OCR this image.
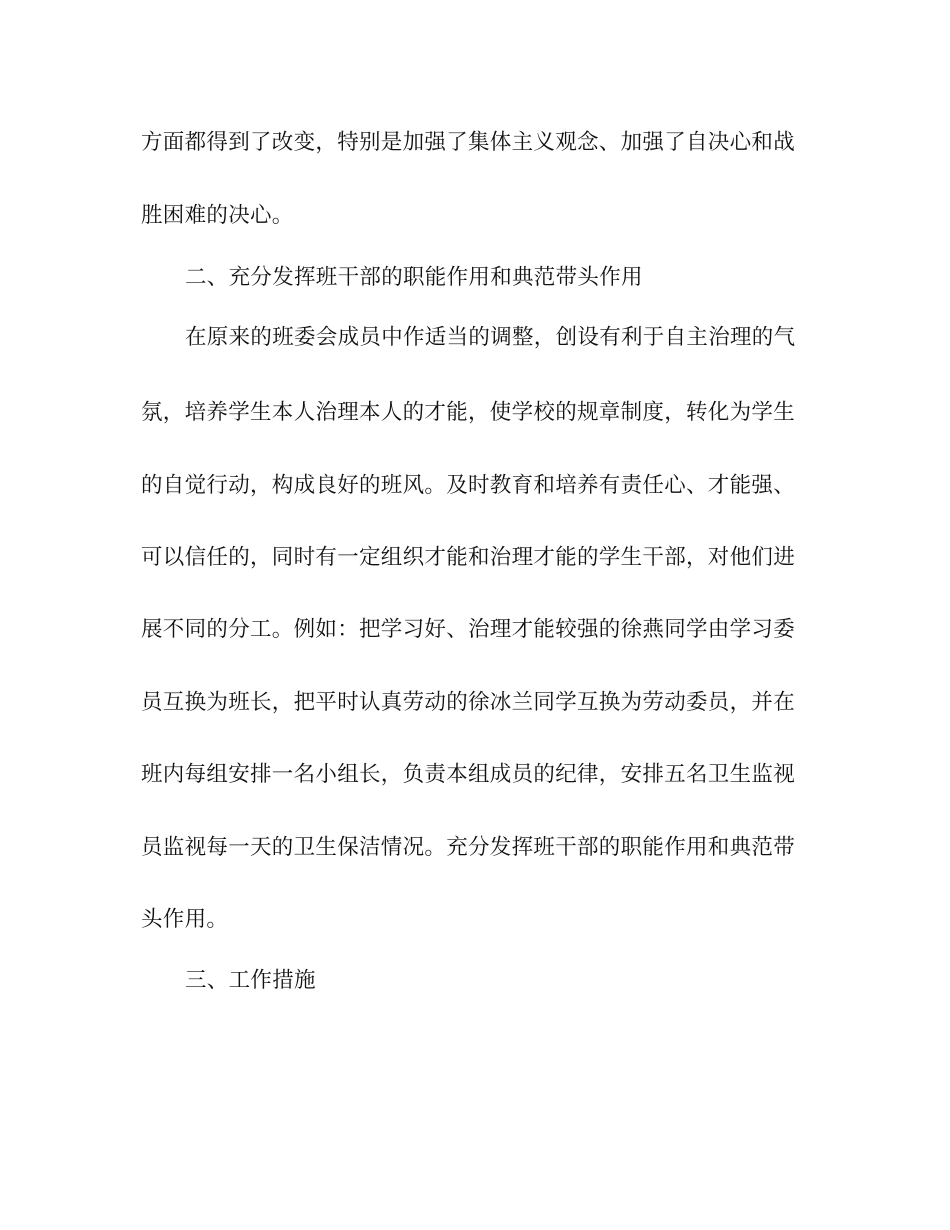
方面都得到了改变，特别是加强了集体主义观念、加强了自决心和战
胜困难的决心。
二、充分发挥班干部的职能作用和典范带头作用
在原来的班委会成员中作适当的调整，创设有利于自主治理的气
氛，培养学生本人治理本人的才能，使学校的规章制度，转化为学生
的自觉行动，构成良好的班风。及时教育和培养有责任心、才能强、
可以信任的，同时有一定组织才能和治理才能的学生干部，对他们进
展不同的分工。例如：把学习好、治理才能较强的徐燕同学由学习委
员互换为班长，把平时认真劳动的徐冰兰同学互换为劳动委员，并在
班内每组安排一名小组长，负责本组成员的纪律，安排五名卫生监视
员监视每一天的卫生保洁情况。充分发挥班干部的职能作用和典范带
头作用。
三、工作措施
